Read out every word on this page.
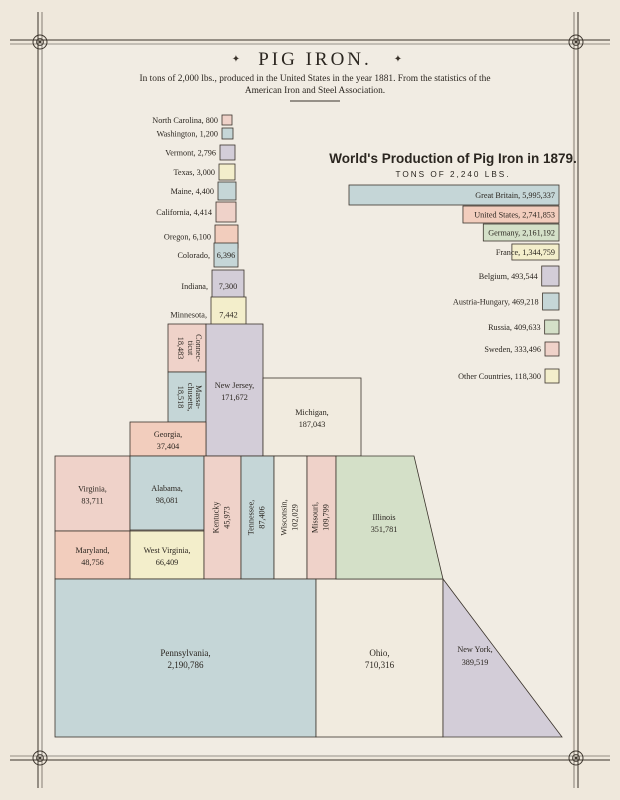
✦ PIG IRON. ✦
In tons of 2,000 lbs., produced in the United States in the year 1881. From the statistics of the
American Iron and Steel Association.
North Carolina, 800
Washington, 1,200
Vermont, 2,796
Texas, 3,000
Maine, 4,400
California, 4,414
Oregon, 6,100
Colorado, 6,396
Indiana, 7,300
Minnesota, 7,442
Connec-
ticut
18,483
Massa-
chusetts,
18,518
New Jersey,
171,672
Michigan,
187,043
Georgia,
37,404
Virginia,
83,711
Alabama,
98,081
Maryland,
48,756
West Virginia,
66,409
Kentucky 45,973 Tennessee, 87,406 Wisconsin, 102,029 Missouri, 109,799
Pennsylvania,
2,190,786
Ohio,
710,316
Illinois
351,781
New York,
389,519
World's Production of Pig Iron in 1879.
TONS OF 2,240 LBS.
Great Britain, 5,995,337
United States, 2,741,853
Germany, 2,161,192
France, 1,344,759
Belgium, 493,544
Austria-Hungary, 469,218
Russia, 409,633
Sweden, 333,496
Other Countries, 118,300
